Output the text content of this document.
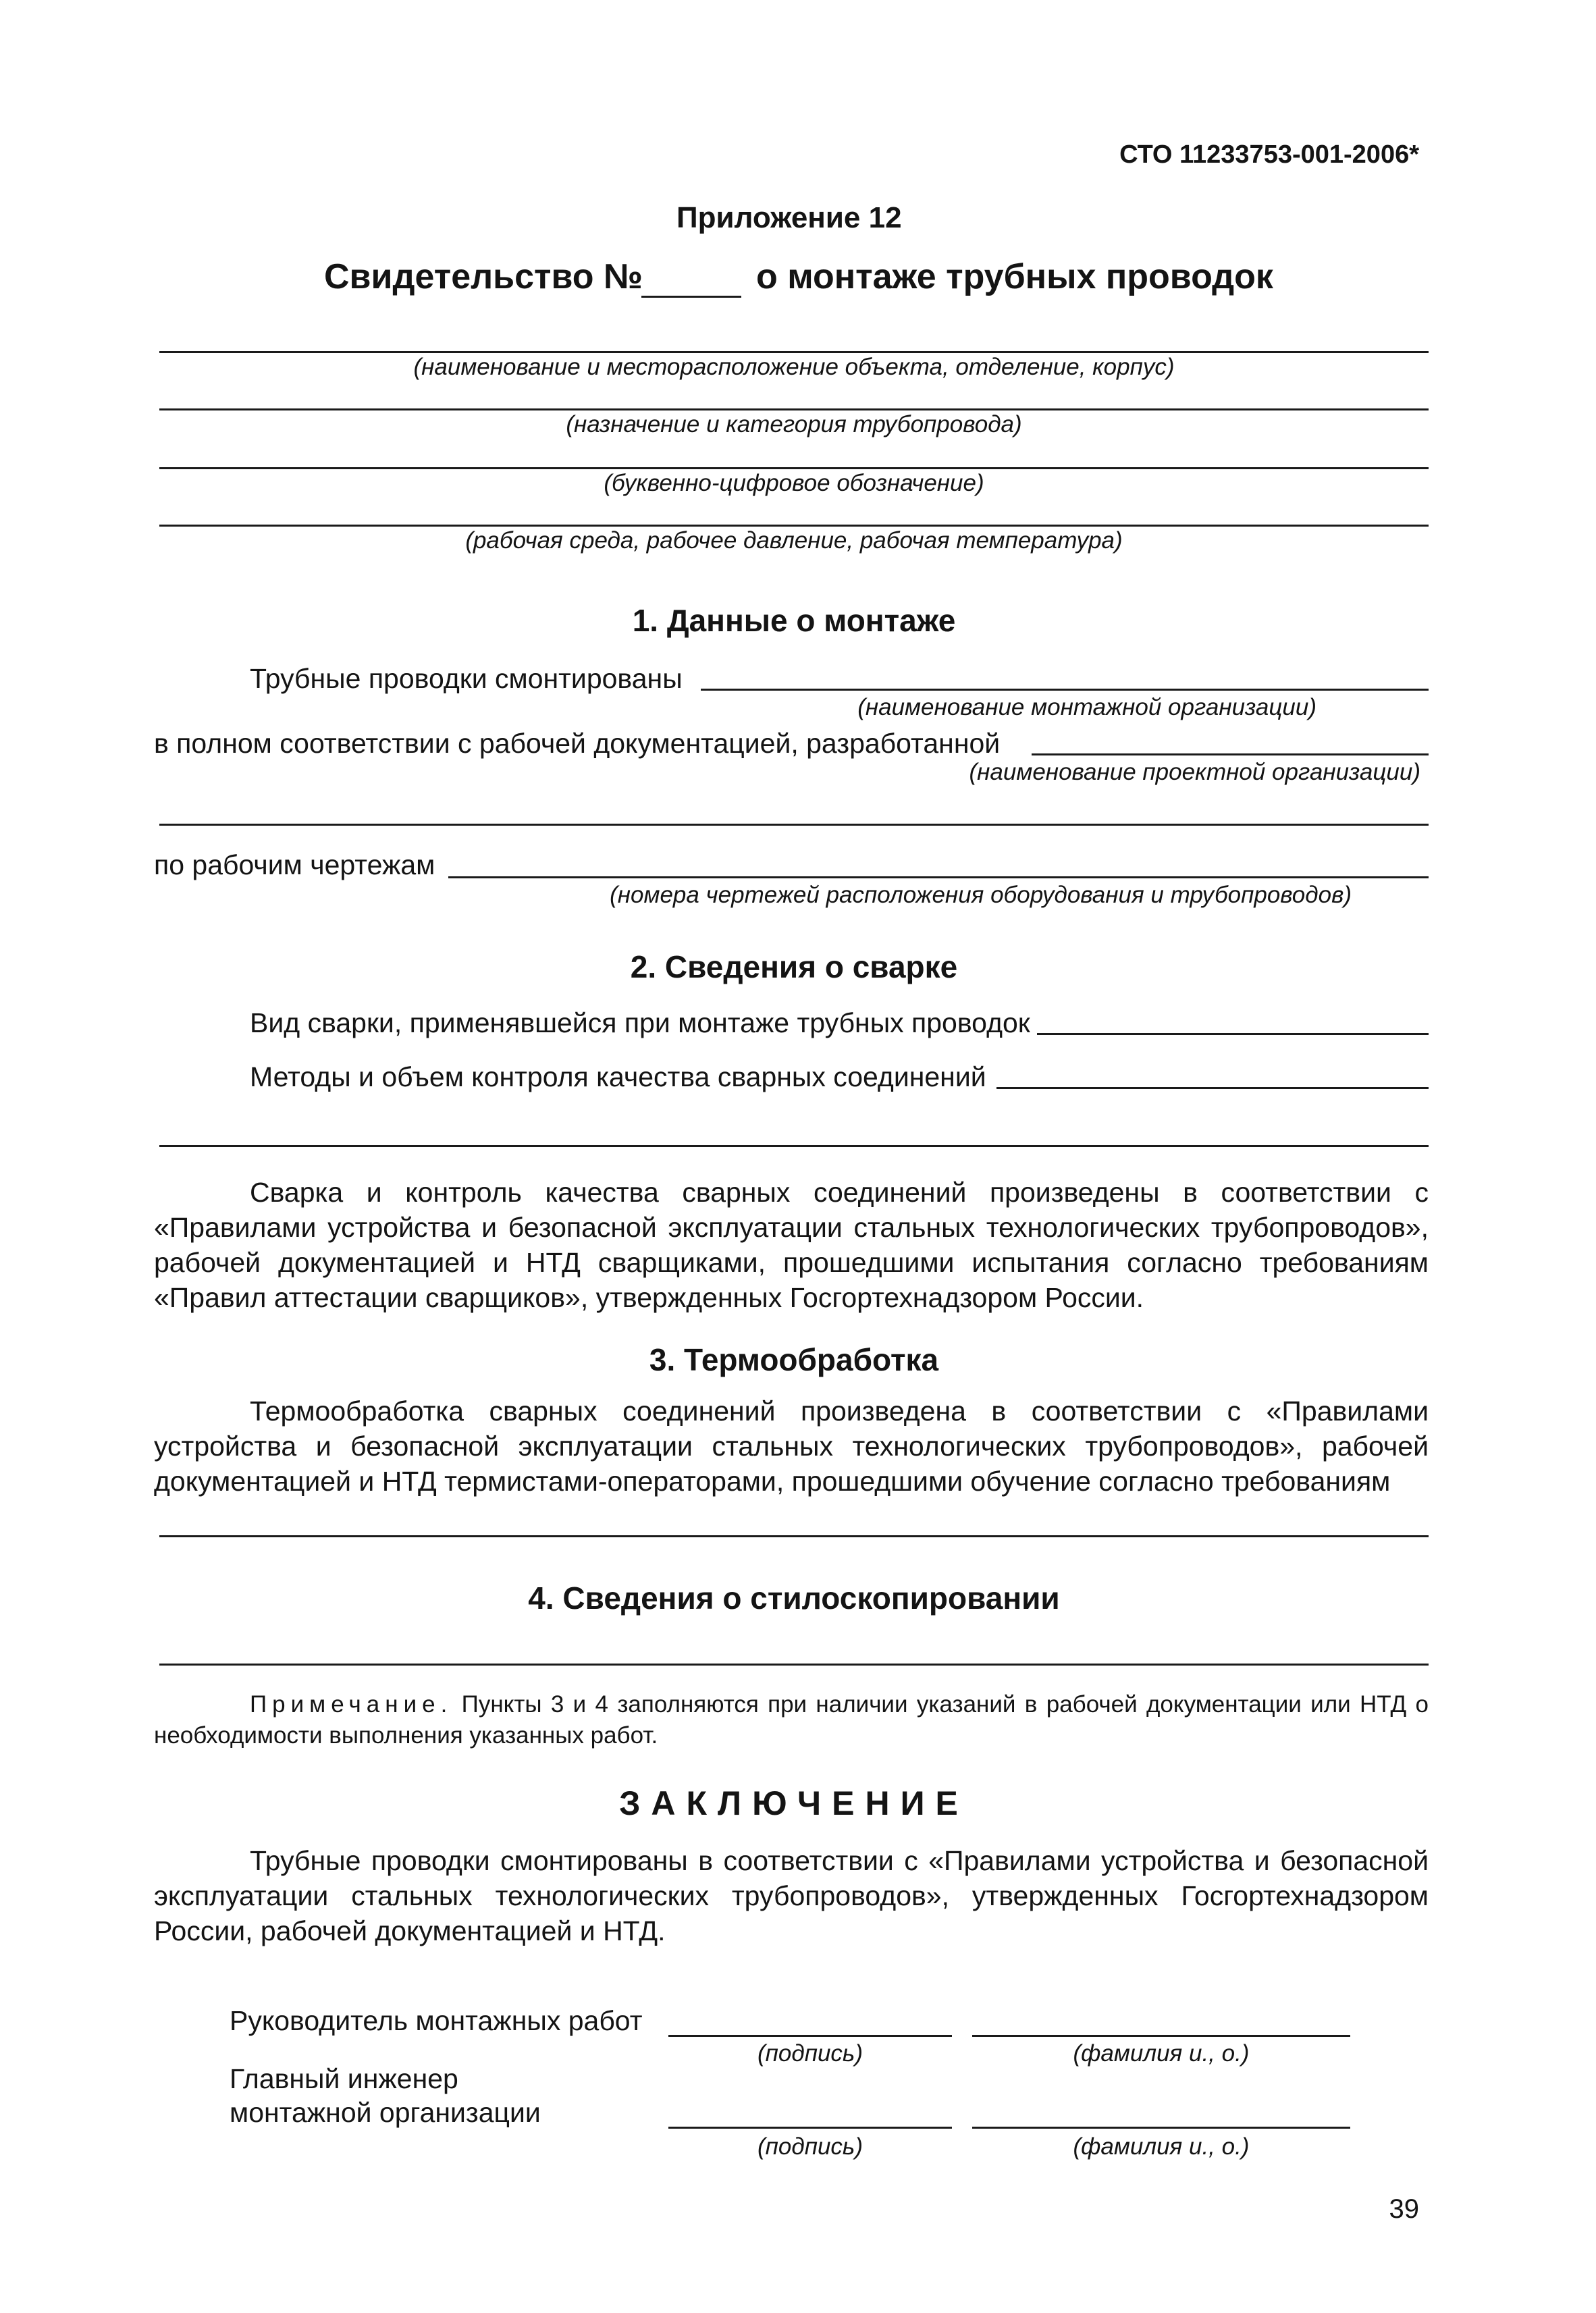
СТО 11233753-001-2006*
Приложение 12
Свидетельство №	о монтаже трубных проводок
(наименование и месторасположение объекта, отделение, корпус)
(назначение и категория трубопровода)
(буквенно-цифровое обозначение)
(рабочая среда, рабочее давление, рабочая температура)
1. Данные о монтаже
Трубные проводки смонтированы
(наименование монтажной организации)
в полном соответствии с рабочей документацией, разработанной
(наименование проектной организации)
по рабочим чертежам
(номера чертежей расположения оборудования и трубопроводов)
2. Сведения о сварке
Вид сварки, применявшейся при монтаже трубных проводок
Методы и объем контроля качества сварных соединений
Сварка и контроль качества сварных соединений произведены в соответствии с «Правилами устройства и безопасной эксплуатации стальных технологических трубопроводов», рабочей документацией и НТД сварщиками, прошедшими испытания согласно требованиям «Правил аттестации сварщиков», утвержденных Госгортехнадзором России.
3. Термообработка
Термообработка сварных соединений произведена в соответствии с «Правилами устройства и безопасной эксплуатации стальных технологических трубопроводов», рабочей документацией и НТД термистами-операторами, прошедшими обучение согласно требованиям
4. Сведения о стилоскопировании
Примечание. Пункты 3 и 4 заполняются при наличии указаний в рабочей документации или НТД о необходимости выполнения указанных работ.
ЗАКЛЮЧЕНИЕ
Трубные проводки смонтированы в соответствии с «Правилами устройства и безопасной эксплуатации стальных технологических трубопроводов», утвержденных Госгортехнадзором России, рабочей документацией и НТД.
Руководитель монтажных работ
(подпись)	(фамилия и., о.)
Главный инженер
монтажной организации
(подпись)	(фамилия и., о.)
39
